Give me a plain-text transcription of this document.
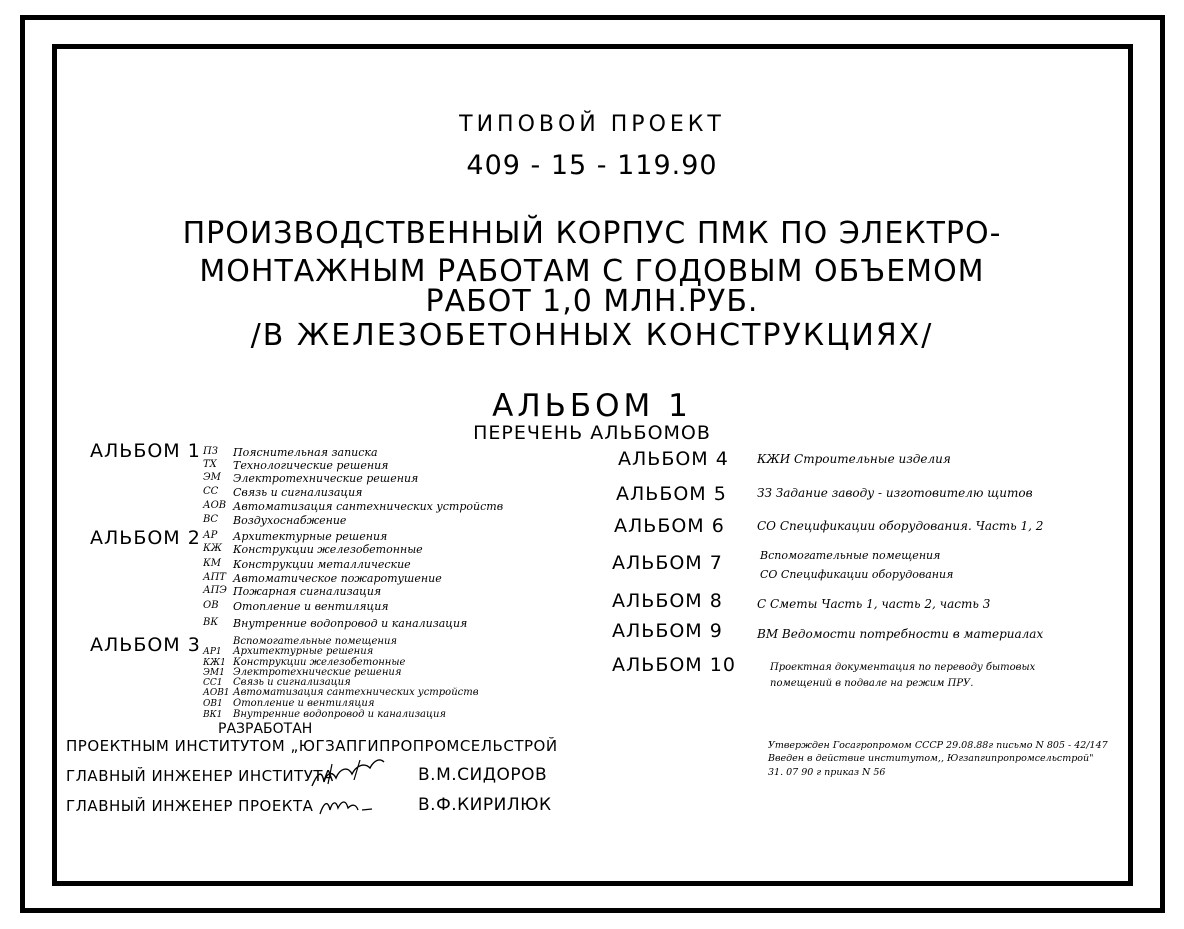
ТИПОВОЙ ПРОЕКТ
409 - 15 - 119.90
ПРОИЗВОДСТВЕННЫЙ КОРПУС ПМК ПО ЭЛЕКТРО-
МОНТАЖНЫМ РАБОТАМ С ГОДОВЫМ ОБЪЕМОМ
РАБОТ 1,0 МЛН.РУБ.
/В ЖЕЛЕЗОБЕТОННЫХ КОНСТРУКЦИЯХ/
АЛЬБОМ 1
ПЕРЕЧЕНЬ АЛЬБОМОВ
АЛЬБОМ 1 ПЗ Пояснительная записка
ТХ Технологические решения
ЭМ Электротехнические решения
СС Связь и сигнализация
АОВ Автоматизация сантехнических устройств
ВС Воздухоснабжение
АЛЬБОМ 2 АР Архитектурные решения
КЖ Конструкции железобетонные
КМ Конструкции металлические
АПТ Автоматическое пожаротушение
АПЭ Пожарная сигнализация
ОВ Отопление и вентиляция
ВК Внутренние водопровод и канализация
АЛЬБОМ 3	Вспомогательные помещения
АР1 Архитектурные решения
КЖ1 Конструкции железобетонные
ЭМ1 Электротехнические решения
СС1 Связь и сигнализация
АОВ1 Автоматизация сантехнических устройств
ОВ1 Отопление и вентиляция
ВК1 Внутренние водопровод и канализация
АЛЬБОМ 4 КЖИ Строительные изделия
АЛЬБОМ 5	ЗЗ Задание заводу - изготовителю щитов
АЛЬБОМ 6	СО Спецификации оборудования. Часть 1, 2
АЛЬБОМ 7	Вспомогательные помещения
СО Спецификации оборудования
АЛЬБОМ 8	С Сметы Часть 1, часть 2, часть 3
АЛЬБОМ 9	ВМ Ведомости потребности в материалах
АЛЬБОМ 10	Проектная документация по переводу бытовых
помещений в подвале на режим ПРУ.
РАЗРАБОТАН
ПРОЕКТНЫМ ИНСТИТУТОМ „ЮГЗАПГИПРОПРОМСЕЛЬСТРОЙ
ГЛАВНЫЙ ИНЖЕНЕР ИНСТИТУТА	В.М.СИДОРОВ
ГЛАВНЫЙ ИНЖЕНЕР ПРОЕКТА	В.Ф.КИРИЛЮК
Утвержден Госагропромом СССР 29.08.88г письмо N 805 - 42/147
Введен в действие институтом,, Югзапгипропромсельстрой"
31. 07 90 г приказ N 56
